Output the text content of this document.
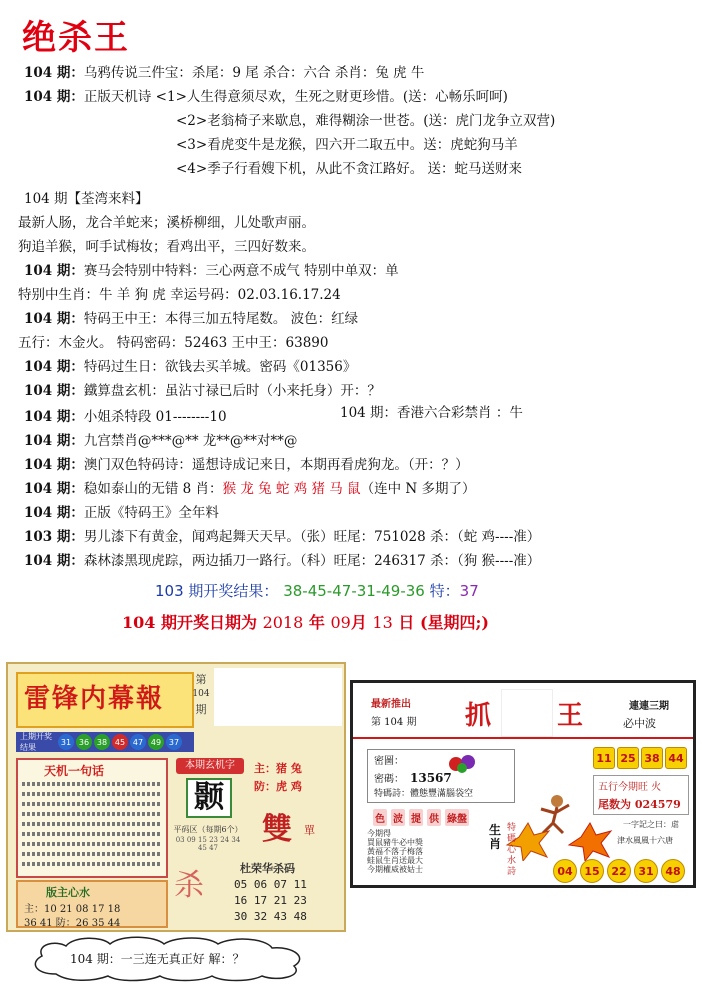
绝杀王
104 期：乌鸦传说三件宝：杀尾：9 尾 杀合：六合 杀肖：兔 虎 牛
104 期：正版天机诗 <1>人生得意须尽欢，生死之财更珍惜。(送：心畅乐呵呵)
<2>老翁椅子来歇息，难得糊涂一世苍。(送：虎门龙争立双营)
<3>看虎变牛是龙猴，四六开二取五中。送：虎蛇狗马羊
<4>季子行看嫂下机，从此不贪江路好。 送：蛇马送财来
104 期【荃湾来料】
最新人肠，龙合羊蛇来；溪桥柳细，儿处歌声丽。
狗追羊猴，呵手试梅妆；看鸡出平，三四好数来。
104 期：赛马会特别中特料：三心两意不成气 特别中单双：单
特别中生肖：牛 羊 狗 虎 幸运号码：02.03.16.17.24
104 期：特码王中王：本得三加五特尾数。 波色：红绿
五行：木金火。 特码密码：52463 王中王：63890
104 期：特码过生日：欲钱去买羊城。密码《01356》
104 期：鐵算盘玄机：虽沾寸禄已后时（小来托身）开：？
104 期：小姐杀特段 01--------10
104 期：九宫禁肖@***@** 龙**@**对**@
104 期：澳门双色特码诗：遥想诗成记来日，本期再看虎狗龙。（开：？）
104 期：稳如泰山的无错 8 肖：猴 龙 兔 蛇 鸡 猪 马 鼠（连中 N 多期了）
104 期：正版《特码王》全年料
103 期：男儿漆下有黄金，闻鸡起舞天天早。（张）旺尾：751028 杀：（蛇 鸡----准）
104 期：森林漆黑现虎踪，两边插刀一路行。（科）旺尾：246317 杀：（狗 猴----准）
104 期：香港六合彩禁肖 ：牛
103 期开奖结果： 38-45-47-31-49-36 特：37
104 期开奖日期为 2018 年 09月 13 日 (星期四;)
雷锋内幕報
第
104
期
上期开奖结果
31 36 38 45 47 49 37
天机一句话
版主心水
主：10 21 08 17 18
36 41 防：26 35 44
本期玄机字
颢
平码区（每期6个）
03 09 15 23 24 34 45 47
主：猪 兔
防：虎 鸡
雙 單
杀	杜荣华杀码
05 06 07 11
16 17 21 23
30 32 43 48
最新推出
第 104 期 抓	王	連連三期
必中波
密圖：
密碼： 13567
特碼詩：體態豐滿腦袋空
11 25 38 44
五行今期旺 火
尾数为 024579
色 波 提 供 綠盤
生肖
今期得
買鼠豬牛必中獎
黃福不落子梅落
蛙鼠生肖送最大
今期權威被姑士
特碼心水詩
一字記之曰：虐
津水風風十六唐
04	15	22	31	48
104 期：一三连无真正好 解：？
